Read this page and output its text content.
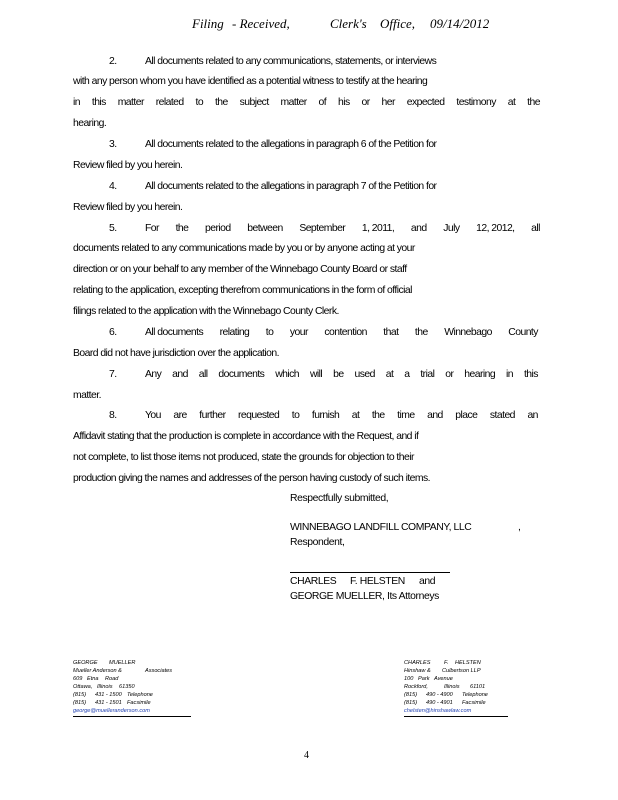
Filing - Received,	Clerk's Office, 09/14/2012
2.	All documents related to any communications, statements, or interviews
with any person whom you have identified as a potential witness to testify at the hearing
in this matter related to the subject matter of his or her expected testimony at the
hearing.
3.	All documents related to the allegations in paragraph 6 of the Petition for
Review filed by you herein.
4.	All documents related to the allegations in paragraph 7 of the Petition for
Review filed by you herein.
5.	For the period between September 1, 2011, and July 12, 2012, all
documents related to any communications made by you or by anyone acting at your
direction or on your behalf to any member of the Winnebago County Board or staff
relating to the application, excepting therefrom communications in the form of official
filings related to the application with the Winnebago County Clerk.
6.	All documents relating to your contention that the Winnebago County
Board did not have jurisdiction over the application.
7.	Any and all documents which will be used at a trial or hearing in this
matter.
8.	You are further requested to furnish at the time and place stated an
Affidavit stating that the production is complete in accordance with the Request, and if
not complete, to list those items not produced, state the grounds for objection to their
production giving the names and addresses of the person having custody of such items.
Respectfully submitted,
WINNEBAGO LANDFILL COMPANY, LLC	,
Respondent,
CHARLES F. HELSTEN and
GEORGE MUELLER, Its Attorneys
GEORGE MUELLER
Mueller Anderson &	Associates
609 Etna Road
Ottawa, Illinois 61350
(815) 431 - 1500 Telephone
(815) 431 - 1501 Facsimile
george@muelleranderson.com
CHARLES F. HELSTEN
Hinshaw & Culbertson LLP
100 Park Avenue
Rockford,	Illinois 61101
(815) 490 - 4900 Telephone
(815) 490 - 4901 Facsimile
chelsten@hinshawlaw.com
4
